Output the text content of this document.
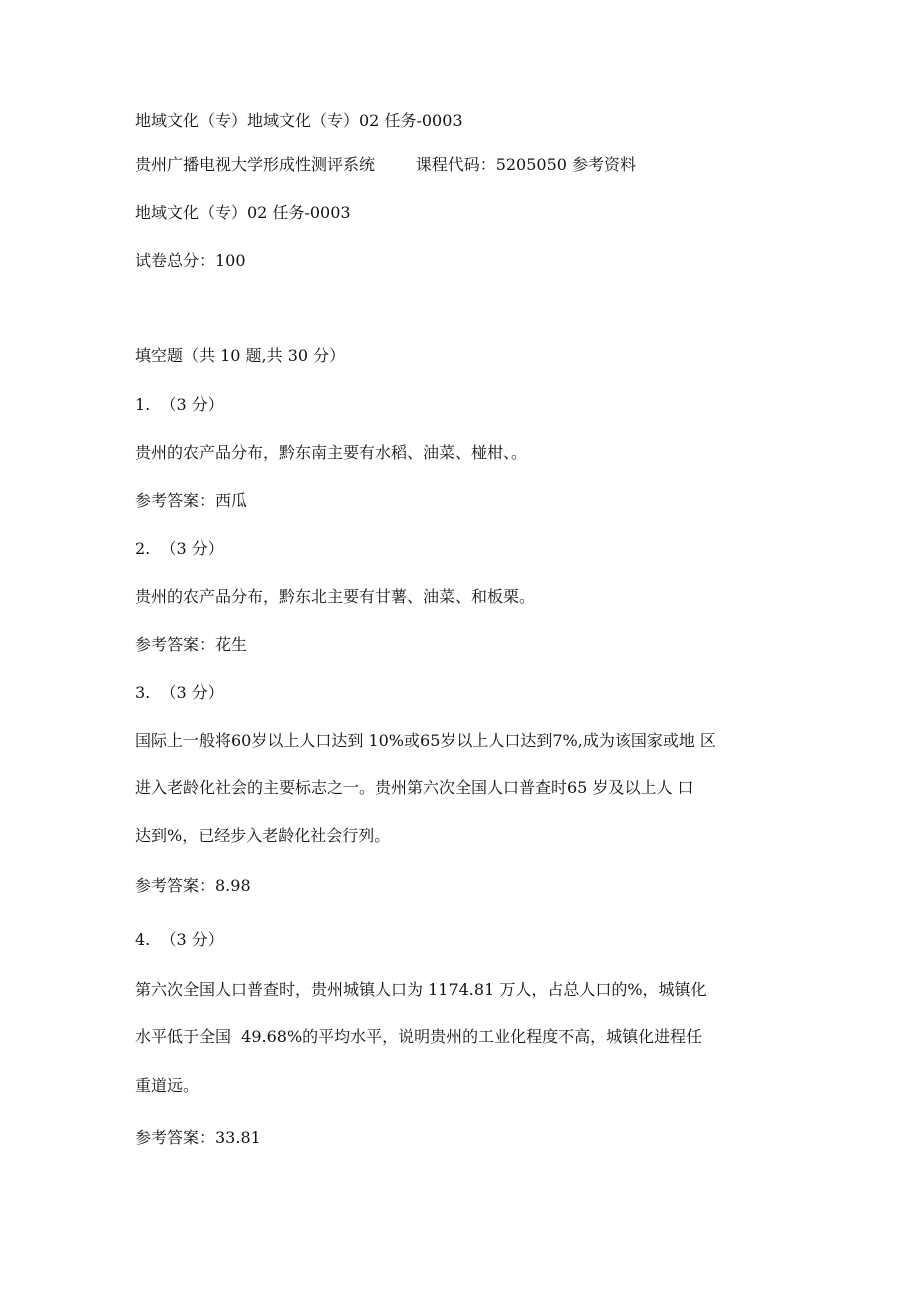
地域文化（专）地域文化（专）02 任务-0003
贵州广播电视大学形成性测评系统        课程代码：5205050 参考资料
地域文化（专）02 任务-0003
试卷总分：100
填空题（共 10 题,共 30 分）
1.  （3 分）
贵州的农产品分布，黔东南主要有水稻、油菜、椪柑、。
参考答案：西瓜
2.  （3 分）
贵州的农产品分布，黔东北主要有甘薯、油菜、和板栗。
参考答案：花生
3.  （3 分）
国际上一般将60岁以上人口达到 10%或65岁以上人口达到7%,成为该国家或地 区
进入老龄化社会的主要标志之一。贵州第六次全国人口普查时65 岁及以上人 口
达到%，已经步入老龄化社会行列。
参考答案：8.98
4.  （3 分）
第六次全国人口普查时，贵州城镇人口为 1174.81 万人，占总人口的%，城镇化
水平低于全国  49.68%的平均水平，说明贵州的工业化程度不高，城镇化进程任
重道远。
参考答案：33.81
